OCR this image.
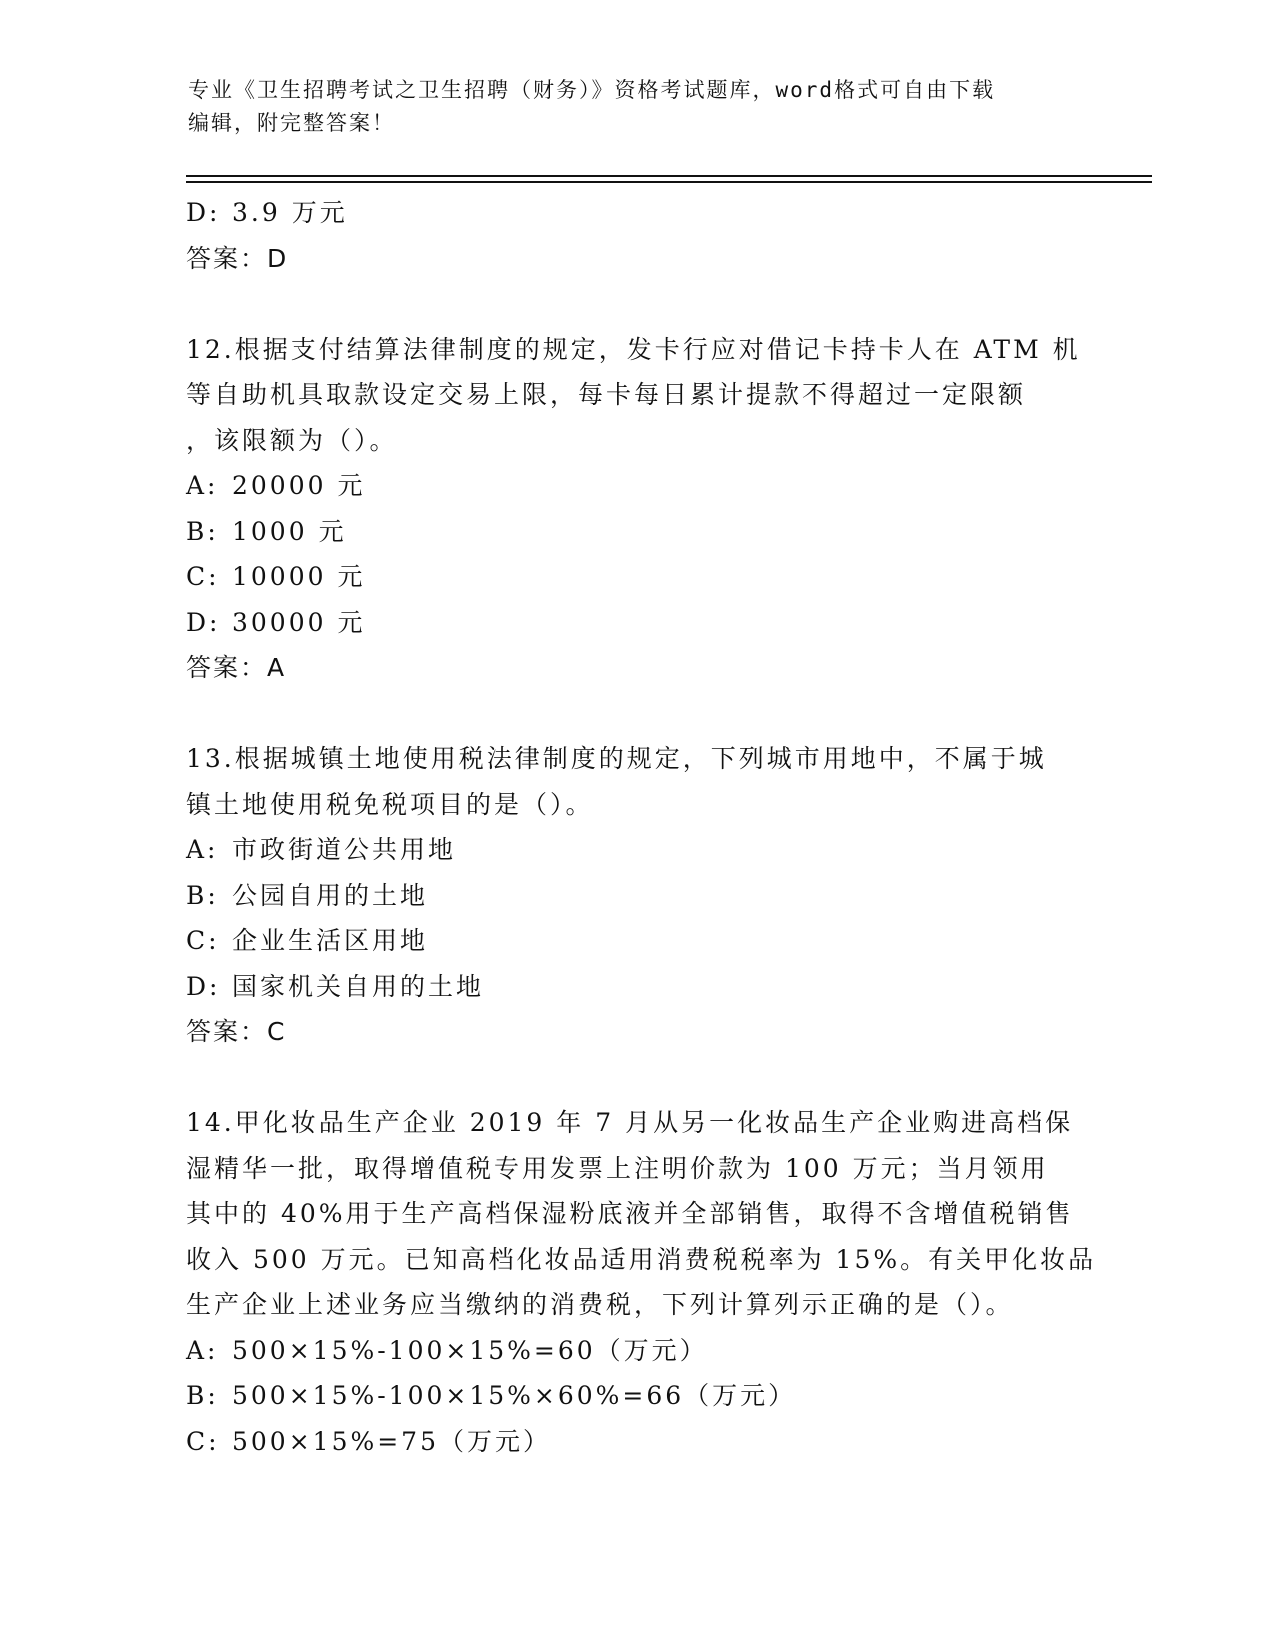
专业《卫生招聘考试之卫生招聘（财务）》资格考试题库，word格式可自由下载
编辑，附完整答案！
D: 3.9 万元
答案：D
12.根据支付结算法律制度的规定，发卡行应对借记卡持卡人在 ATM 机
等自助机具取款设定交易上限，每卡每日累计提款不得超过一定限额
，该限额为（）。
A: 20000 元
B: 1000 元
C: 10000 元
D: 30000 元
答案：A
13.根据城镇土地使用税法律制度的规定，下列城市用地中，不属于城
镇土地使用税免税项目的是（）。
A: 市政街道公共用地
B: 公园自用的土地
C: 企业生活区用地
D: 国家机关自用的土地
答案：C
14.甲化妆品生产企业 2019 年 7 月从另一化妆品生产企业购进高档保
湿精华一批，取得增值税专用发票上注明价款为 100 万元；当月领用
其中的 40%用于生产高档保湿粉底液并全部销售，取得不含增值税销售
收入 500 万元。已知高档化妆品适用消费税税率为 15%。有关甲化妆品
生产企业上述业务应当缴纳的消费税，下列计算列示正确的是（）。
A: 500×15%-100×15%=60（万元）
B: 500×15%-100×15%×60%=66（万元）
C: 500×15%=75（万元）
